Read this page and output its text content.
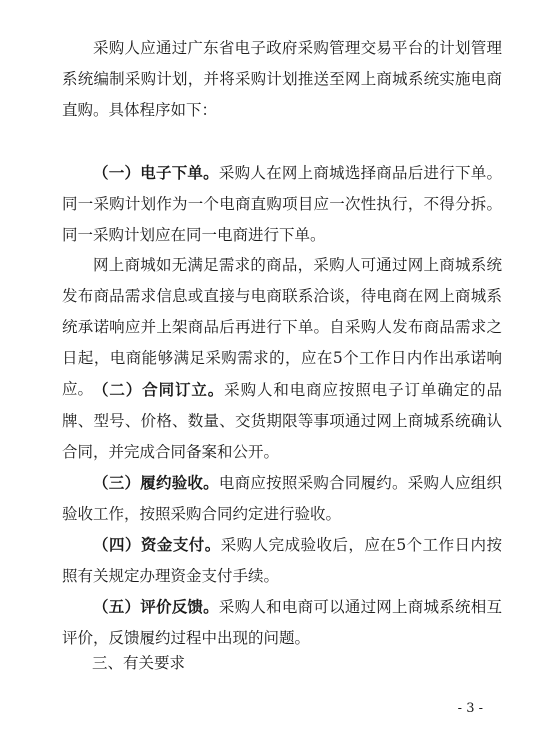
采购人应通过广东省电子政府采购管理交易平台的计划管理系统编制采购计划，并将采购计划推送至网上商城系统实施电商直购。具体程序如下：

（一）电子下单。采购人在网上商城选择商品后进行下单。同一采购计划作为一个电商直购项目应一次性执行，不得分拆。同一采购计划应在同一电商进行下单。

网上商城如无满足需求的商品，采购人可通过网上商城系统发布商品需求信息或直接与电商联系洽谈，待电商在网上商城系统承诺响应并上架商品后再进行下单。自采购人发布商品需求之日起，电商能够满足采购需求的，应在5个工作日内作出承诺响应。 （二）合同订立。采购人和电商应按照电子订单确定的品牌、型号、价格、数量、交货期限等事项通过网上商城系统确认合同，并完成合同备案和公开。

（三）履约验收。电商应按照采购合同履约。采购人应组织验收工作，按照采购合同约定进行验收。

（四）资金支付。采购人完成验收后，应在5个工作日内按照有关规定办理资金支付手续。

（五）评价反馈。采购人和电商可以通过网上商城系统相互评价，反馈履约过程中出现的问题。

三、有关要求

- 3 -
